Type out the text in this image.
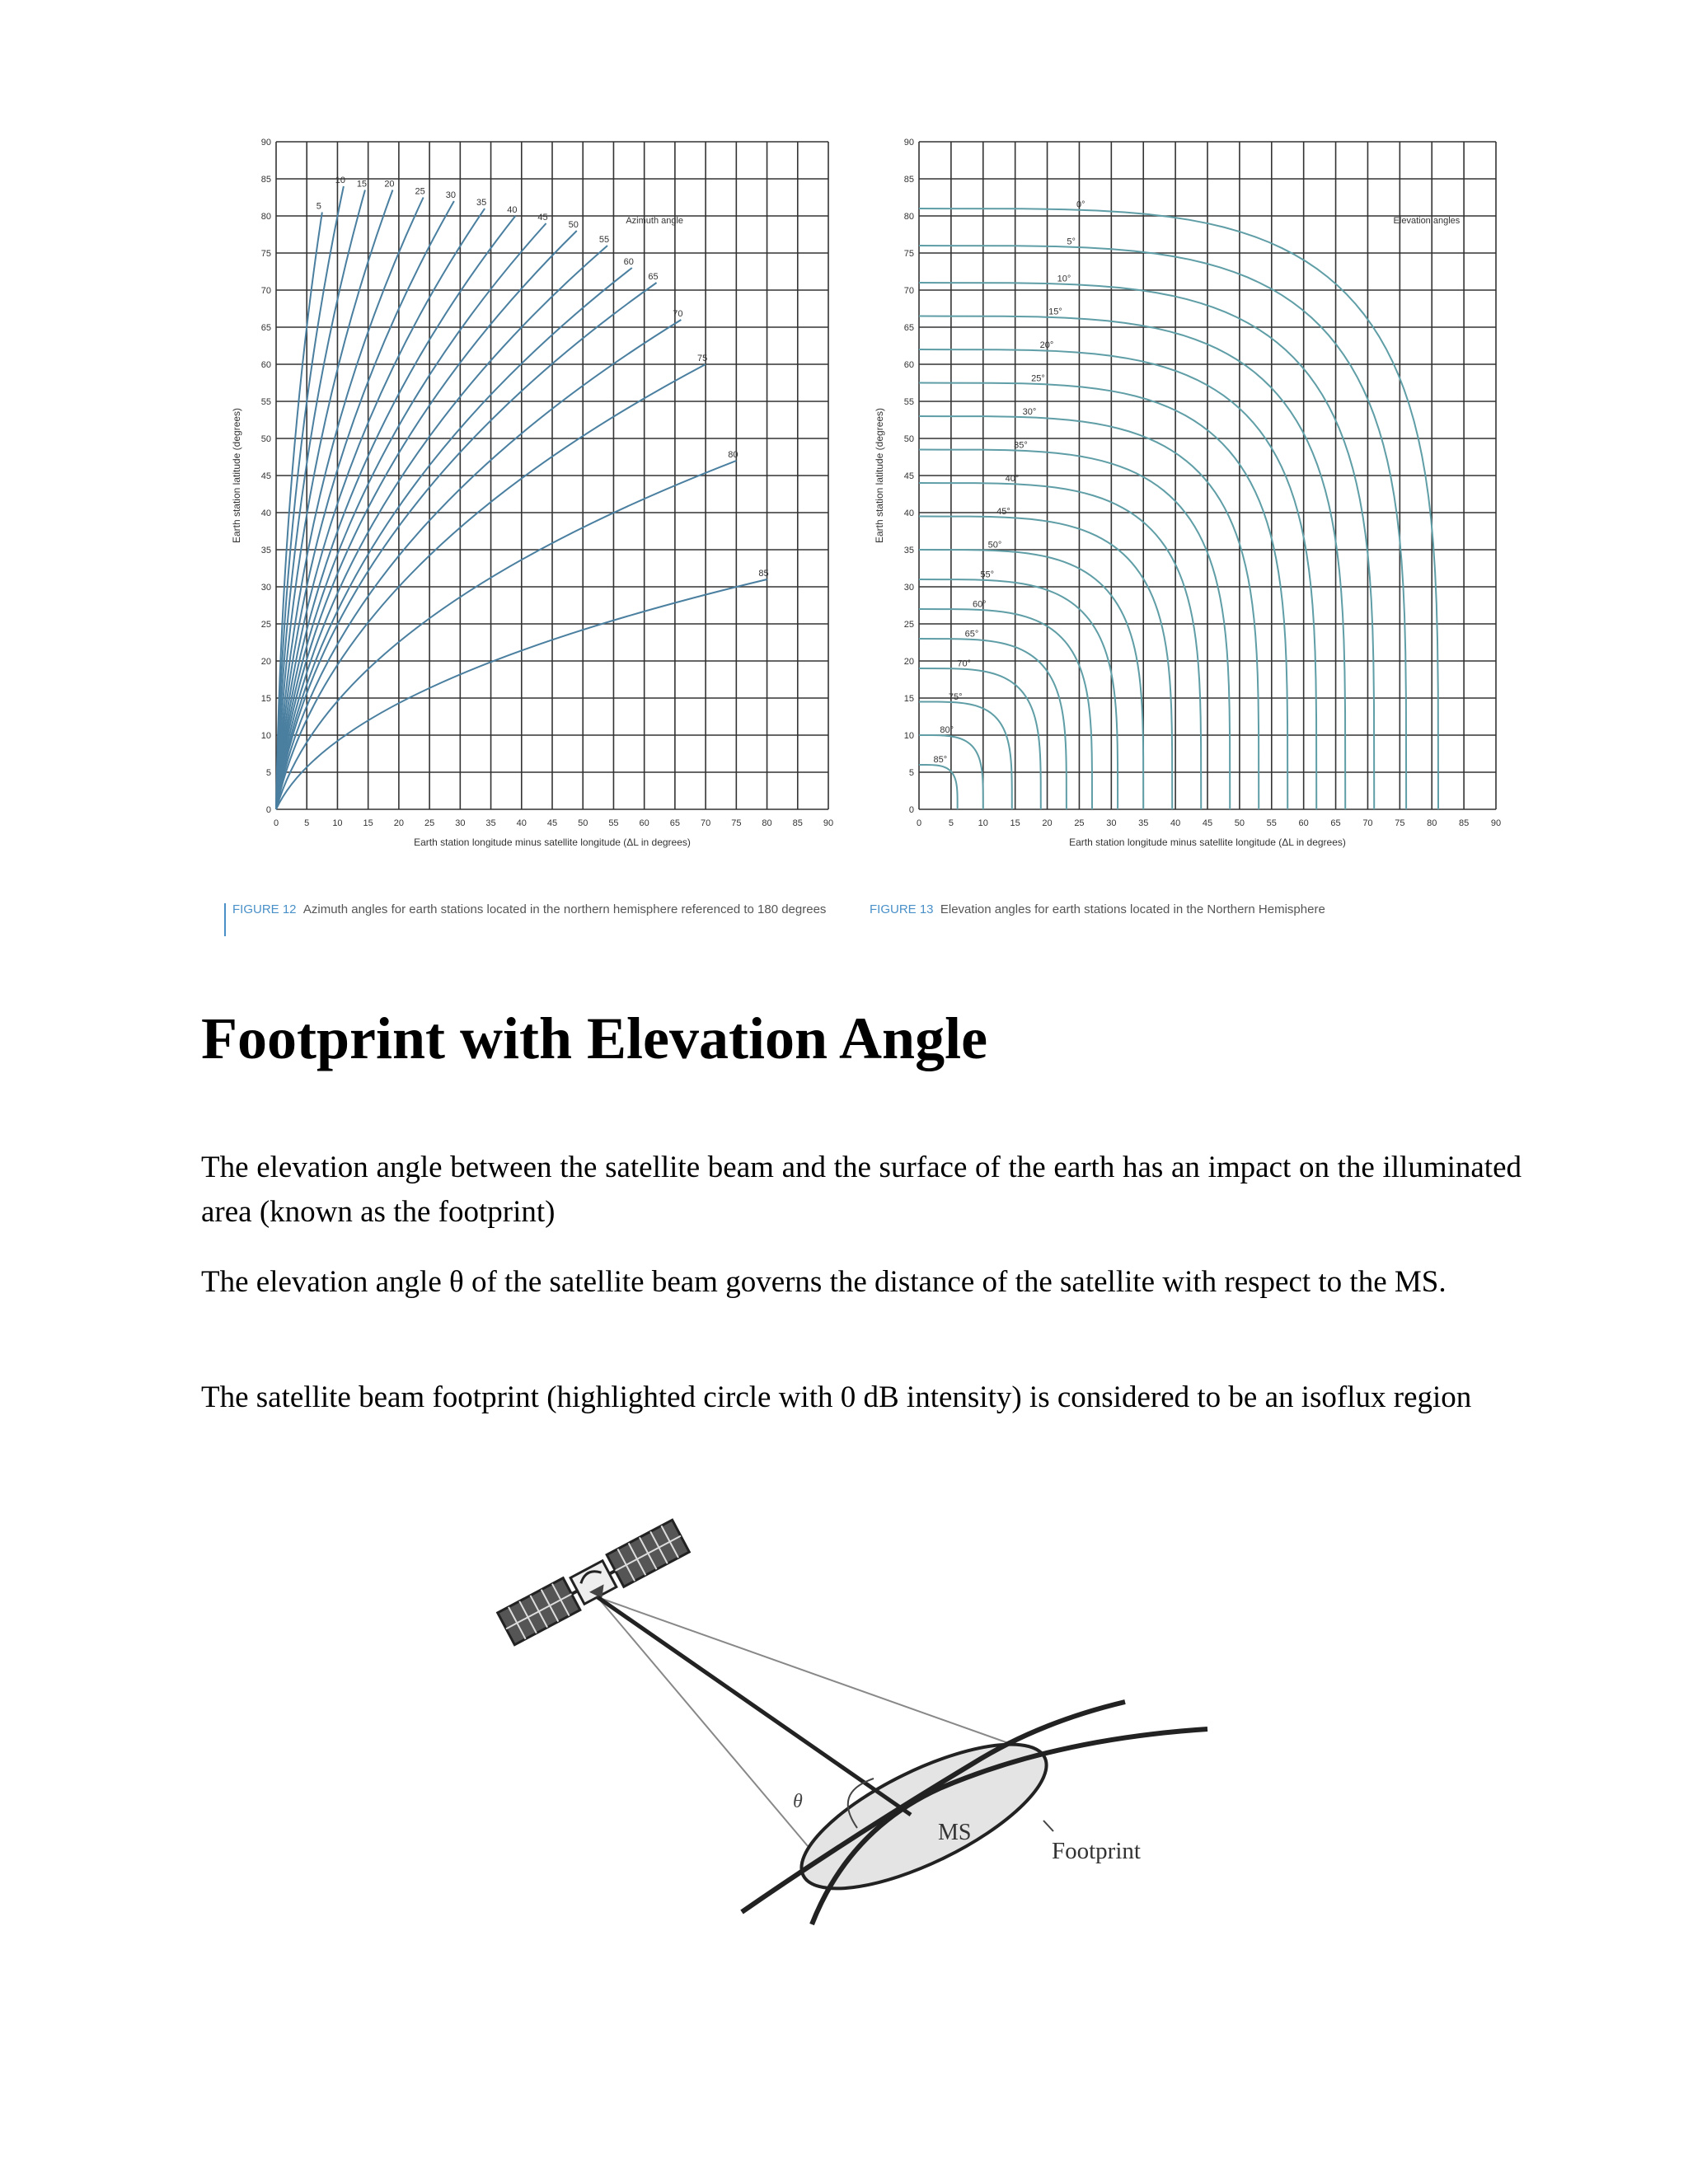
0	5	10 15 20 25 30 35 40 45 50 55 60 65 70 75 80 85 90
0
5
10
15
20
25
30
35
40
45
50
55
60
65
70
75
80
85
90
Earth station longitude minus satellite longitude (ΔL in degrees)
Earth station latitude (degrees)
5
10 15 20
25 30
35
40
45
50
55
60
65
70
75
80
85
Azimuth angle
0	5	10 15 20 25 30 35 40 45 50 55 60 65 70 75 80 85 90
0
5
10
15
20
25
30
35
40
45
50
55
60
65
70
75
80
85
90
Earth station longitude minus satellite longitude (ΔL in degrees)
Earth station latitude (degrees)
0°
5°
10°
15°
20°
25°
30°
35°
40°
45°
50°
55°
60°
65°
70°
75°
80°
85°
Elevation angles
FIGURE 12 Azimuth angles for earth stations located in the northern hemisphere referenced to 180 degrees	FIGURE 13 Elevation angles for earth stations located in the Northern Hemisphere
Footprint with Elevation Angle

The elevation angle between the satellite beam and the surface of the earth has an impact on the illuminated area (known as the footprint)

The elevation angle θ of the satellite beam governs the distance of the satellite with respect to the MS.

The satellite beam footprint (highlighted circle with 0 dB intensity) is considered to be an isoflux region

θ
MS
Footprint
